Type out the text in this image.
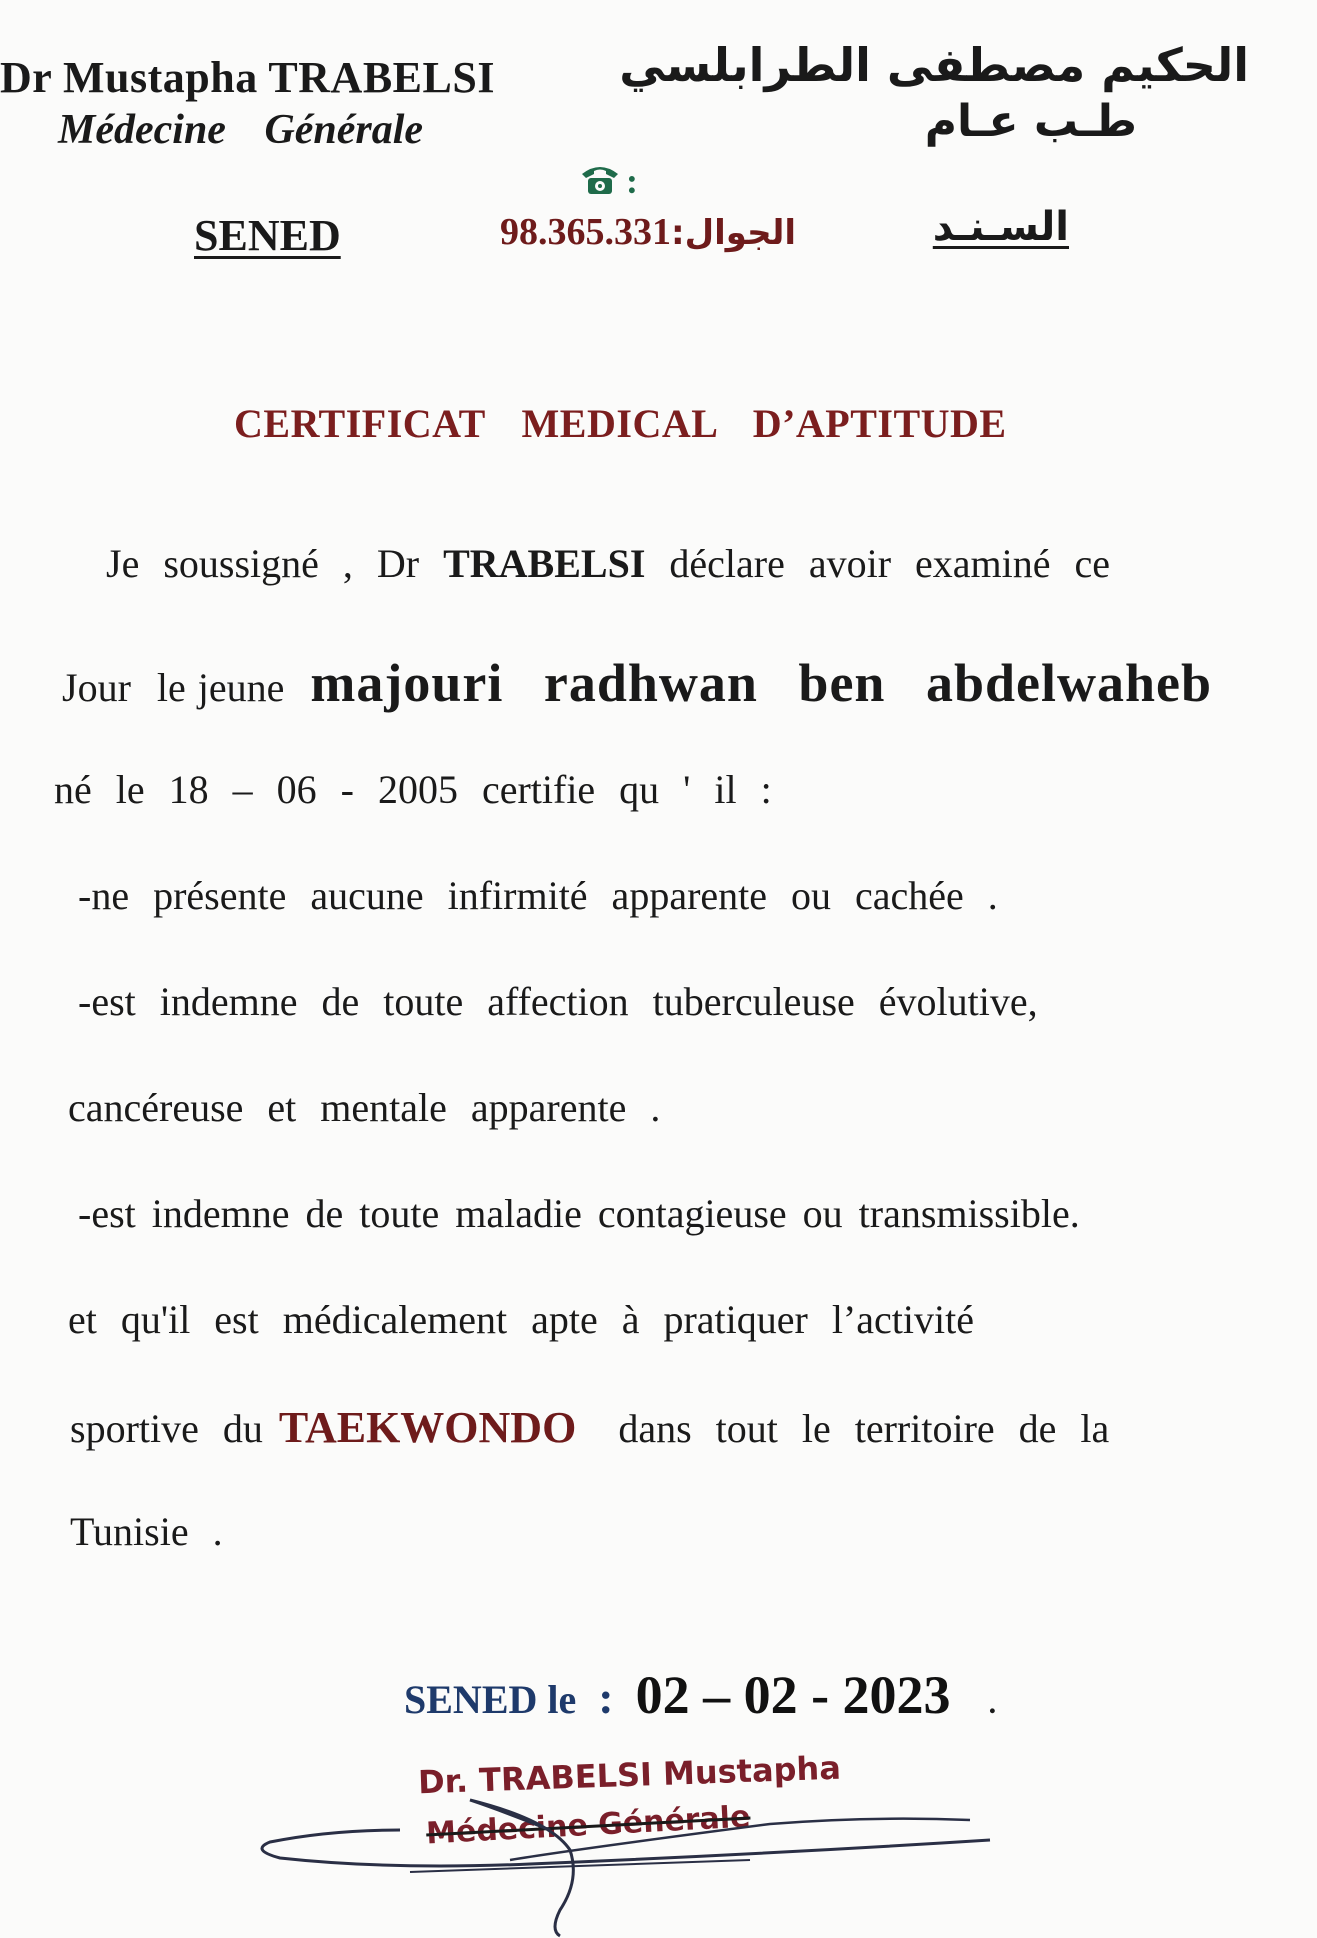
Dr Mustapha TRABELSI
Médecine Générale
الحكيم مصطفى الطرابلسي
طـب عـام
:
SENED	98.365.331 الجوال:	السـنـد
CERTIFICAT MEDICAL D’APTITUDE
Je soussigné , Dr TRABELSI déclare avoir examiné ce
Jour le jeune majouri radhwan ben abdelwaheb
né le 18 – 06 - 2005 certifie qu ' il :
-ne présente aucune infirmité apparente ou cachée .
-est indemne de toute affection tuberculeuse évolutive,
cancéreuse et mentale apparente .
-est indemne de toute maladie contagieuse ou transmissible.
et qu'il est médicalement apte à pratiquer l’activité
sportive du TAEKWONDO dans tout le territoire de la
Tunisie .
SENED le : 02 – 02 - 2023 .
Dr. TRABELSI Mustapha
Médecine Générale
